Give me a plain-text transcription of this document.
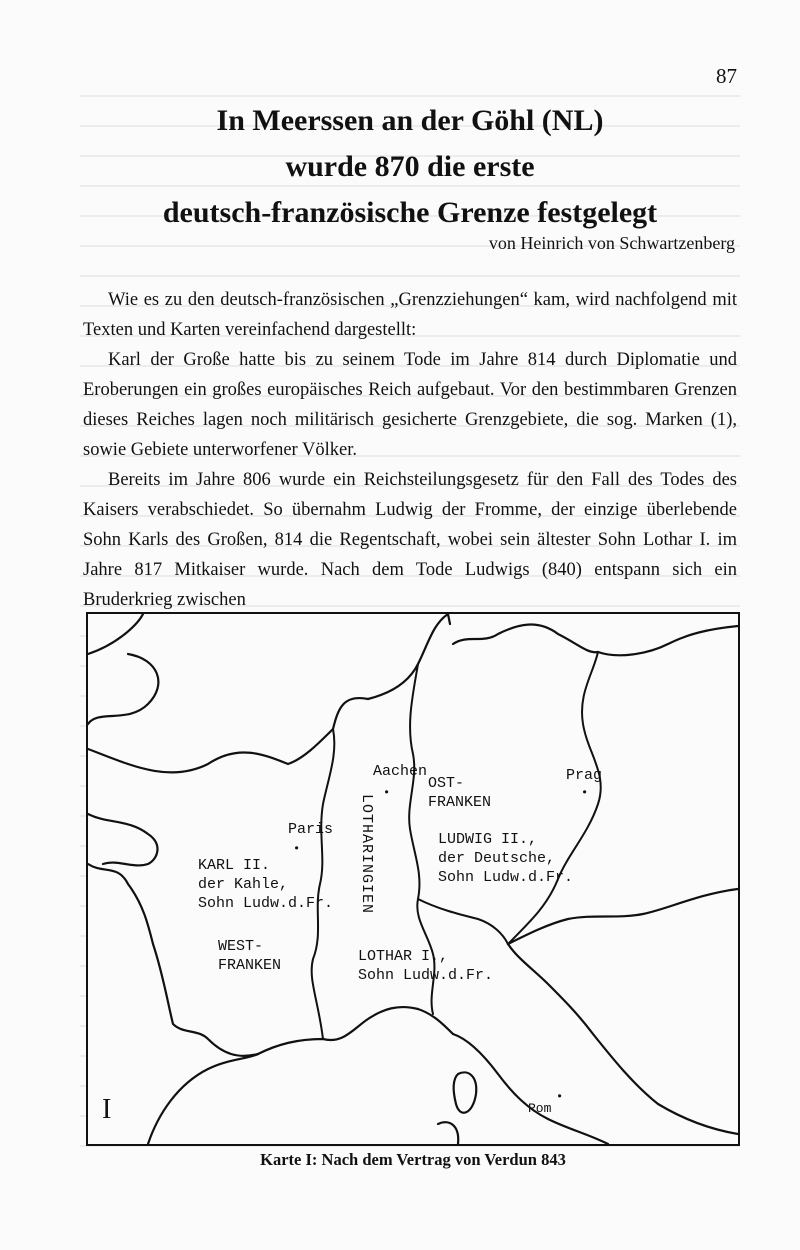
87
In Meerssen an der Göhl (NL)
wurde 870 die erste
deutsch-französische Grenze festgelegt
von Heinrich von Schwartzenberg

Wie es zu den deutsch-französischen „Grenzziehungen“ kam, wird nachfolgend mit Texten und Karten vereinfachend dargestellt:

Karl der Große hatte bis zu seinem Tode im Jahre 814 durch Diplomatie und Eroberungen ein großes europäisches Reich aufgebaut. Vor den bestimmbaren Grenzen dieses Reiches lagen noch militärisch gesicherte Grenzgebiete, die sog. Marken (1), sowie Gebiete unterworfener Völker.

Bereits im Jahre 806 wurde ein Reichsteilungsgesetz für den Fall des Todes des Kaisers verabschiedet. So übernahm Ludwig der Fromme, der einzige überlebende Sohn Karls des Großen, 814 die Regentschaft, wobei sein ältester Sohn Lothar I. im Jahre 817 Mitkaiser wurde. Nach dem Tode Ludwigs (840) entspann sich ein Bruderkrieg zwischen

Aachen
•
OST-
FRANKEN
Prag
•
LOTHARINGIEN
Paris
•
LUDWIG II.,
der Deutsche,
Sohn Ludw.d.Fr.
KARL II.
der Kahle,
Sohn Ludw.d.Fr.
WEST-
FRANKEN
LOTHAR I.,
Sohn Ludw.d.Fr.
Rom
•
I
Karte I: Nach dem Vertrag von Verdun 843
